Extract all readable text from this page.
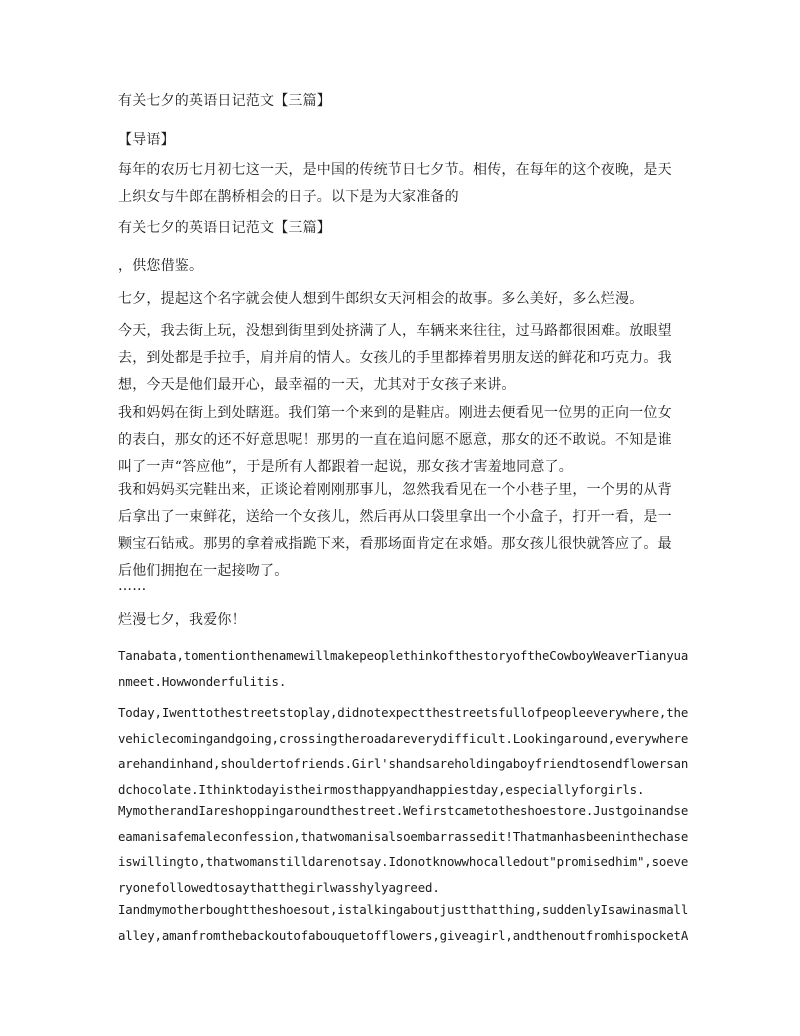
有关七夕的英语日记范文【三篇】

【导语】

每年的农历七月初七这一天，是中国的传统节日七夕节。相传，在每年的这个夜晚，是天
上织女与牛郎在鹊桥相会的日子。以下是为大家准备的

有关七夕的英语日记范文【三篇】

，供您借鉴。

七夕，提起这个名字就会使人想到牛郎织女天河相会的故事。多么美好，多么烂漫。

今天，我去街上玩，没想到街里到处挤满了人，车辆来来往往，过马路都很困难。放眼望
去，到处都是手拉手，肩并肩的情人。女孩儿的手里都捧着男朋友送的鲜花和巧克力。我
想，今天是他们最开心，最幸福的一天，尤其对于女孩子来讲。

我和妈妈在街上到处瞎逛。我们第一个来到的是鞋店。刚进去便看见一位男的正向一位女
的表白，那女的还不好意思呢！那男的一直在追问愿不愿意，那女的还不敢说。不知是谁
叫了一声“答应他”，于是所有人都跟着一起说，那女孩才害羞地同意了。

我和妈妈买完鞋出来，正谈论着刚刚那事儿，忽然我看见在一个小巷子里，一个男的从背
后拿出了一束鲜花，送给一个女孩儿，然后再从口袋里拿出一个小盒子，打开一看，是一
颗宝石钻戒。那男的拿着戒指跪下来，看那场面肯定在求婚。那女孩儿很快就答应了。最
后他们拥抱在一起接吻了。

……

烂漫七夕，我爱你！

Tanabata,tomentionthenamewillmakepeoplethinkofthestoryoftheCowboyWeaverTianyua
nmeet.Howwonderfulitis.

Today,Iwenttothestreetstoplay,didnotexpectthestreetsfullofpeopleeverywhere,the
vehiclecomingandgoing,crossingtheroadareverydifficult.Lookingaround,everywhere
arehandinhand,shouldertofriends.Girl'shandsareholdingaboyfriendtosendflowersan
dchocolate.Ithinktodayistheirmosthappyandhappiestday,especiallyforgirls.

MymotherandIareshoppingaroundthestreet.Wefirstcametotheshoestore.Justgoinandse
eamanisafemaleconfession,thatwomanisalsoembarrassedit!Thatmanhasbeeninthechase
iswillingto,thatwomanstilldarenotsay.Idonotknowwhocalledout"promisedhim",soeve
ryonefollowedtosaythatthegirlwasshylyagreed.

Iandmymotherboughttheshoesout,istalkingaboutjustthatthing,suddenlyIsawinasmall
alley,amanfromthebackoutofabouquetofflowers,giveagirl,andthenoutfromhispocketA
